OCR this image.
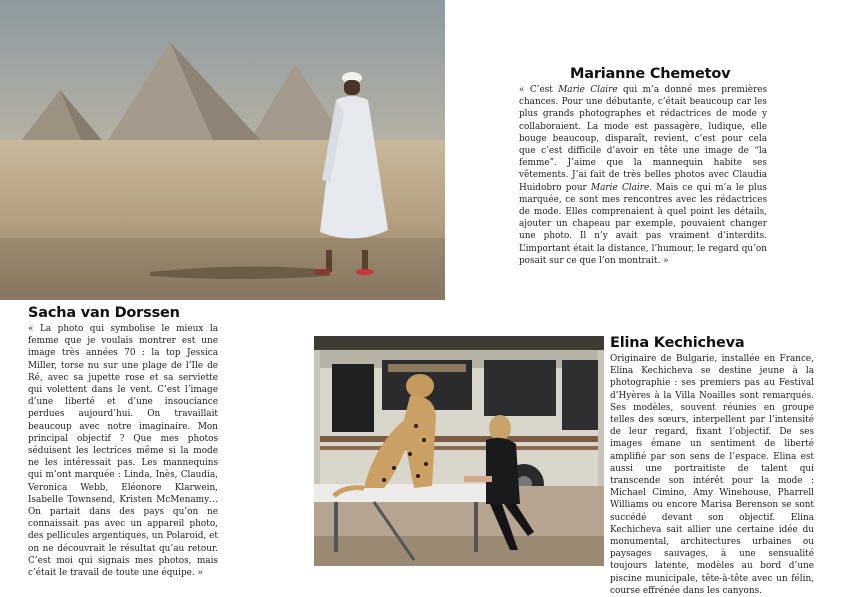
Marianne Chemetov

« C’est Marie Claire qui m’a donné mes premières chances. Pour une débutante, c’était beaucoup car les plus grands photographes et rédactrices de mode y collaboraient. La mode est passagère, ludique, elle bouge beaucoup, disparaît, revient, c’est pour cela que c’est difficile d’avoir en tête une image de “la femme”. J’aime que la mannequin habite ses vêtements. J’ai fait de très belles photos avec Claudia Huidobro pour Marie Claire. Mais ce qui m’a le plus marquée, ce sont mes rencontres avec les rédactrices de mode. Elles comprenaient à quel point les détails, ajouter un chapeau par exemple, pouvaient changer une photo. Il n’y avait pas vraiment d’interdits. L’important était la distance, l’humour, le regard qu’on posait sur ce que l’on montrait. »

Sacha van Dorssen

« La photo qui symbolise le mieux la femme que je voulais montrer est une image très années 70 : la top Jessica Miller, torse nu sur une plage de l’Ile de Ré, avec sa jupette rose et sa serviette qui volettent dans le vent. C’est l’image d’une liberté et d’une insouciance perdues aujourd’hui. On travaillait beaucoup avec notre imaginaire. Mon principal objectif ? Que mes photos séduisent les lectrices même si la mode ne les intéressait pas. Les mannequins qui m’ont marquée : Linda, Inès, Claudia, Veronica Webb, Eléonore Klarwein, Isabelle Townsend, Kristen McMenamy… On partait dans des pays qu’on ne connaissait pas avec un appareil photo, des pellicules argentiques, un Polaroid, et on ne découvrait le résultat qu’au retour. C’est moi qui signais mes photos, mais c’était le travail de toute une équipe. »

Elina Kechicheva

Originaire de Bulgarie, installée en France, Elina Kechicheva se destine jeune à la photographie : ses premiers pas au Festival d’Hyères à la Villa Noailles sont remarqués. Ses modèles, souvent réunies en groupe telles des sœurs, interpellent par l’intensité de leur regard, fixant l’objectif. De ses images émane un sentiment de liberté amplifié par son sens de l’espace. Elina est aussi une portraitiste de talent qui transcende son intérêt pour la mode : Michael Cimino, Amy Winehouse, Pharrell Williams ou encore Marisa Berenson se sont succédé devant son objectif. Elina Kechicheva sait allier une certaine idée du monumental, architectures urbaines ou paysages sauvages, à une sensualité toujours latente, modèles au bord d’une piscine municipale, tête-à-tête avec un félin, course effrénée dans les canyons.
